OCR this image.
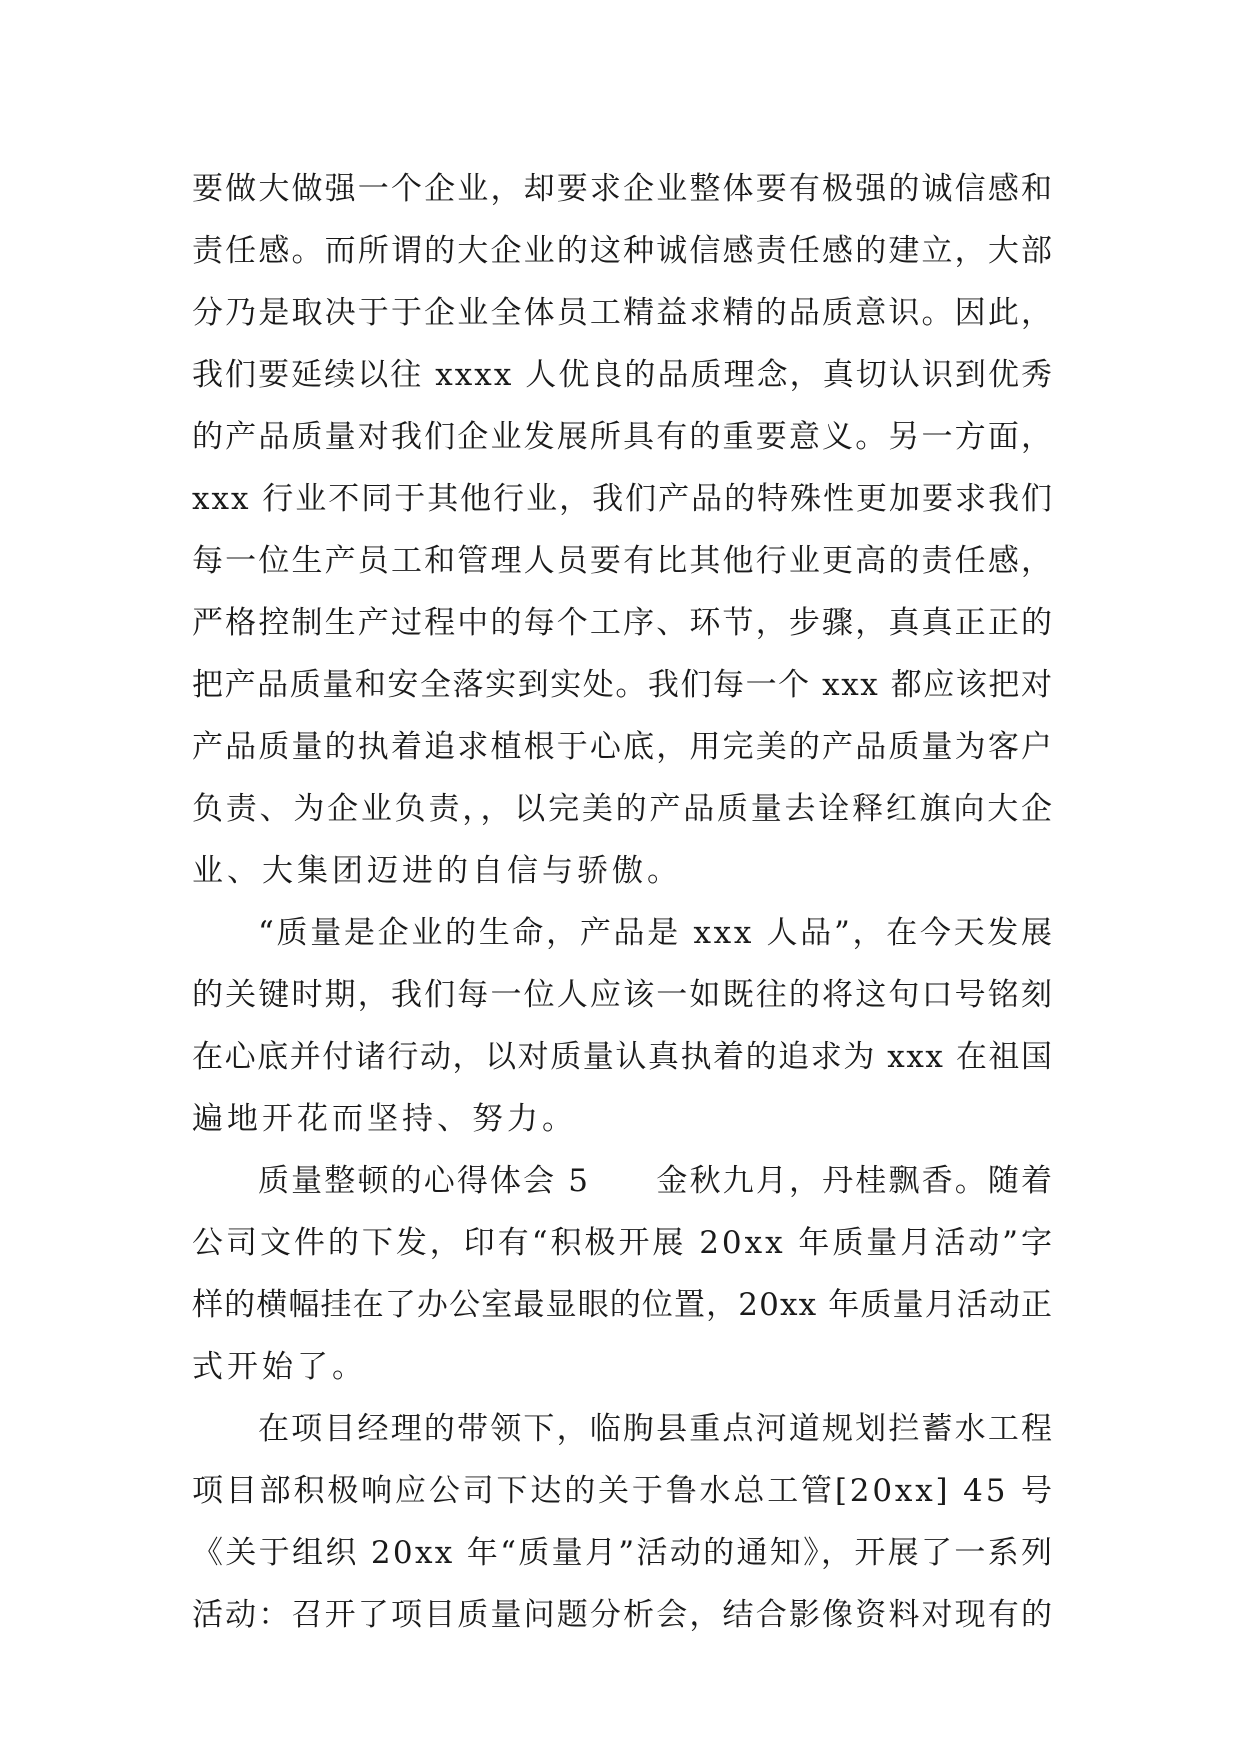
要做大做强一个企业，却要求企业整体要有极强的诚信感和
责任感。而所谓的大企业的这种诚信感责任感的建立，大部
分乃是取决于于企业全体员工精益求精的品质意识。因此，
我们要延续以往 xxxx 人优良的品质理念，真切认识到优秀
的产品质量对我们企业发展所具有的重要意义。另一方面，
xxx 行业不同于其他行业，我们产品的特殊性更加要求我们
每一位生产员工和管理人员要有比其他行业更高的责任感，
严格控制生产过程中的每个工序、环节，步骤，真真正正的
把产品质量和安全落实到实处。我们每一个 xxx 都应该把对
产品质量的执着追求植根于心底，用完美的产品质量为客户
负责、为企业负责，，以完美的产品质量去诠释红旗向大企
业、大集团迈进的自信与骄傲。
“质量是企业的生命，产品是 xxx 人品”，在今天发展
的关键时期，我们每一位人应该一如既往的将这句口号铭刻
在心底并付诸行动，以对质量认真执着的追求为 xxx 在祖国
遍地开花而坚持、努力。
质量整顿的心得体会 5　　金秋九月，丹桂飘香。随着
公司文件的下发，印有“积极开展 20xx 年质量月活动”字
样的横幅挂在了办公室最显眼的位置，20xx 年质量月活动正
式开始了。
在项目经理的带领下，临朐县重点河道规划拦蓄水工程
项目部积极响应公司下达的关于鲁水总工管[20xx] 45 号
《关于组织 20xx 年“质量月”活动的通知》，开展了一系列
活动：召开了项目质量问题分析会，结合影像资料对现有的
